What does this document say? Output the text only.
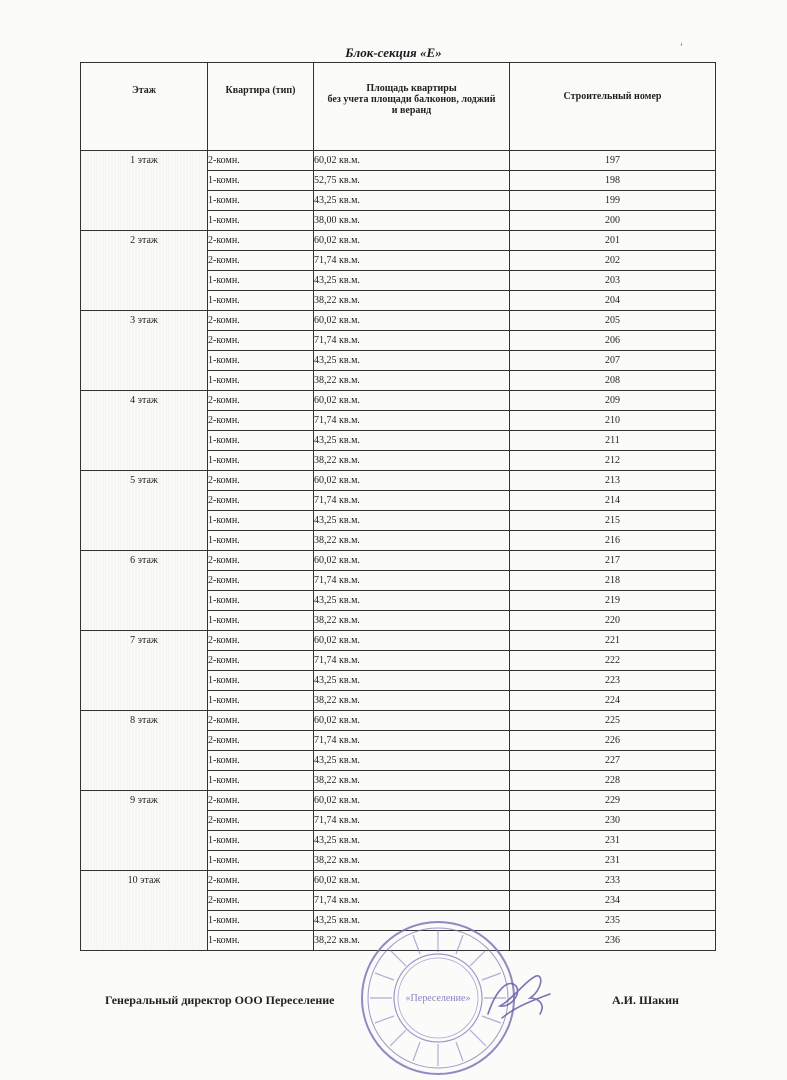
Блок-секция «Е»	ʼ
Этаж	Квартира (тип)	Площадь квартиры
без учета площади балконов, лоджий
и веранд	Строительный номер
1 этаж	2-комн.	60,02 кв.м.	197
	1-комн.	52,75 кв.м.	198
	1-комн.	43,25 кв.м.	199
	1-комн.	38,00 кв.м.	200
2 этаж	2-комн.	60,02 кв.м.	201
	2-комн.	71,74 кв.м.	202
	1-комн.	43,25 кв.м.	203
	1-комн.	38,22 кв.м.	204
3 этаж	2-комн.	60,02 кв.м.	205
	2-комн.	71,74 кв.м.	206
	1-комн.	43,25 кв.м.	207
	1-комн.	38,22 кв.м.	208
4 этаж	2-комн.	60,02 кв.м.	209
	2-комн.	71,74 кв.м.	210
	1-комн.	43,25 кв.м.	211
	1-комн.	38,22 кв.м.	212
5 этаж	2-комн.	60,02 кв.м.	213
	2-комн.	71,74 кв.м.	214
	1-комн.	43,25 кв.м.	215
	1-комн.	38,22 кв.м.	216
6 этаж	2-комн.	60,02 кв.м.	217
	2-комн.	71,74 кв.м.	218
	1-комн.	43,25 кв.м.	219
	1-комн.	38,22 кв.м.	220
7 этаж	2-комн.	60,02 кв.м.	221
	2-комн.	71,74 кв.м.	222
	1-комн.	43,25 кв.м.	223
	1-комн.	38,22 кв.м.	224
8 этаж	2-комн.	60,02 кв.м.	225
	2-комн.	71,74 кв.м.	226
	1-комн.	43,25 кв.м.	227
	1-комн.	38,22 кв.м.	228
9 этаж	2-комн.	60,02 кв.м.	229
	2-комн.	71,74 кв.м.	230
	1-комн.	43,25 кв.м.	231
	1-комн.	38,22 кв.м.	231
10 этаж	2-комн.	60,02 кв.м.	233
	2-комн.	71,74 кв.м.	234
	1-комн.	43,25 кв.м.	235
	1-комн.	38,22 кв.м.	236
«Переселение»
Генеральный директор ООО Переселение	А.И. Шакин
